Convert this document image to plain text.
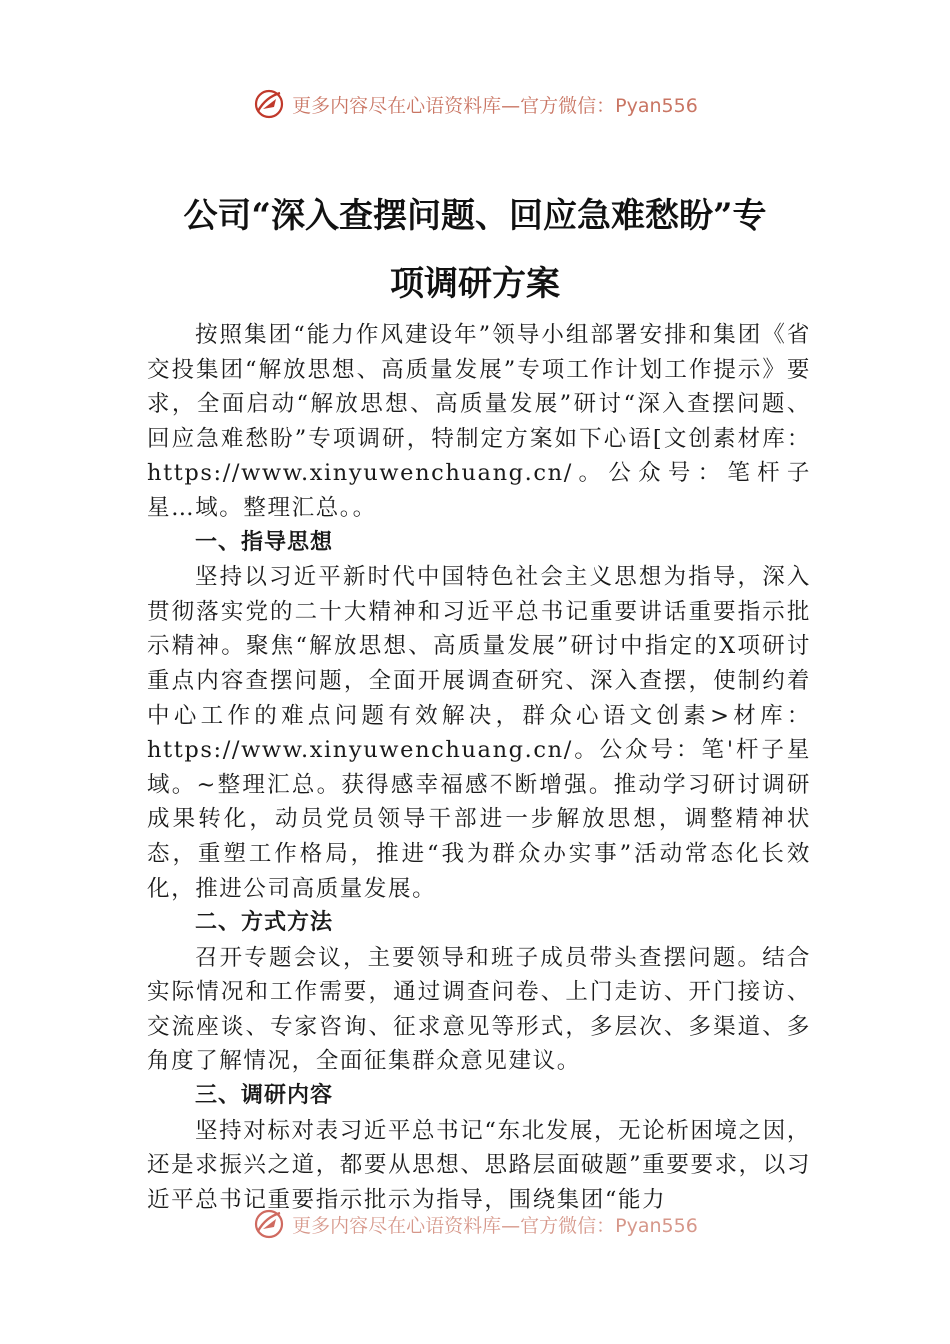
更多内容尽在心语资料库—官方微信：Pyan556
公司“深入查摆问题、回应急难愁盼”专
项调研方案

按照集团“能力作风建设年”领导小组部署安排和集团《省交投集团“解放思想、高质量发展”专项工作计划工作提示》要求，全面启动“解放思想、高质量发展”研讨“深入查摆问题、回应急难愁盼”专项调研，特制定方案如下心语[文创素材库：https://www.xinyuwenchuang.cn/。公众号：笔杆子星…域。整理汇总。。

一、指导思想

坚持以习近平新时代中国特色社会主义思想为指导，深入贯彻落实党的二十大精神和习近平总书记重要讲话重要指示批示精神。聚焦“解放思想、高质量发展”研讨中指定的X项研讨重点内容查摆问题，全面开展调查研究、深入查摆，使制约着中心工作的难点问题有效解决，群众心语文创素>材库：https://www.xinyuwenchuang.cn/。公众号：笔'杆子星域。~整理汇总。获得感幸福感不断增强。推动学习研讨调研成果转化，动员党员领导干部进一步解放思想，调整精神状态，重塑工作格局，推进“我为群众办实事”活动常态化长效化，推进公司高质量发展。

二、方式方法

召开专题会议，主要领导和班子成员带头查摆问题。结合实际情况和工作需要，通过调查问卷、上门走访、开门接访、交流座谈、专家咨询、征求意见等形式，多层次、多渠道、多角度了解情况，全面征集群众意见建议。

三、调研内容

坚持对标对表习近平总书记“东北发展，无论析困境之因，还是求振兴之道，都要从思想、思路层面破题”重要要求，以习近平总书记重要指示批示为指导，围绕集团“能力

更多内容尽在心语资料库—官方微信：Pyan556
